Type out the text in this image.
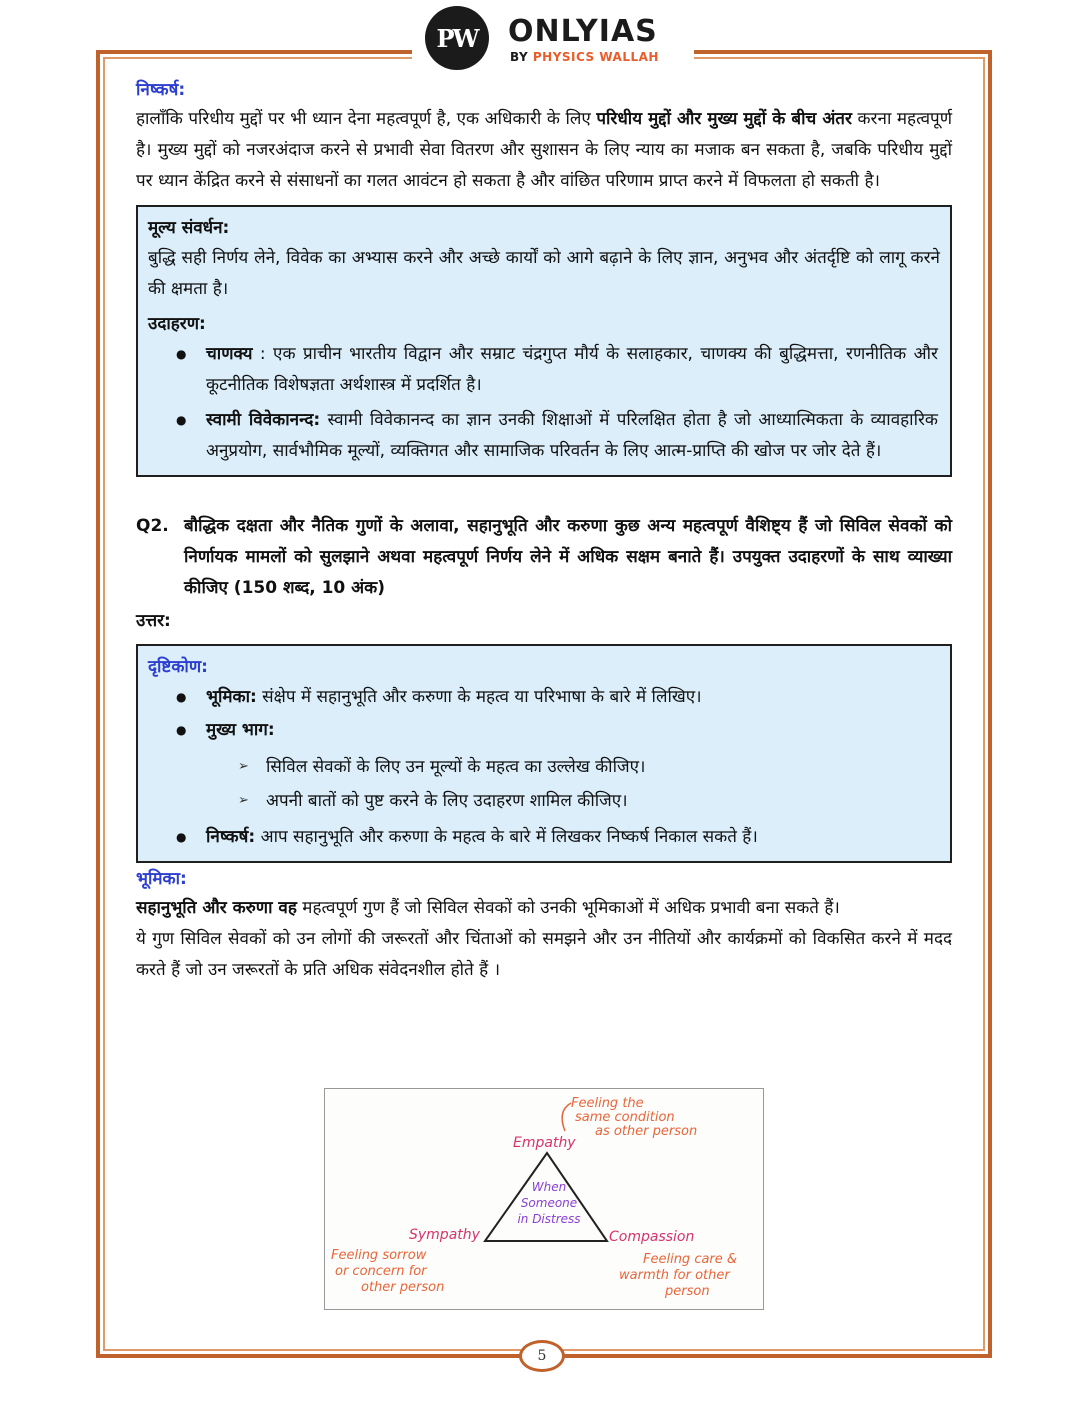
PW	ONLYIAS
BY PHYSICS WALLAH

निष्कर्ष:

हालाँकि परिधीय मुद्दों पर भी ध्यान देना महत्वपूर्ण है, एक अधिकारी के लिए परिधीय मुद्दों और मुख्य मुद्दों के बीच अंतर करना महत्वपूर्ण है। मुख्य मुद्दों को नजरअंदाज करने से प्रभावी सेवा वितरण और सुशासन के लिए न्याय का मजाक बन सकता है, जबकि परिधीय मुद्दों पर ध्यान केंद्रित करने से संसाधनों का गलत आवंटन हो सकता है और वांछित परिणाम प्राप्त करने में विफलता हो सकती है।

मूल्य संवर्धन:

बुद्धि सही निर्णय लेने, विवेक का अभ्यास करने और अच्छे कार्यों को आगे बढ़ाने के लिए ज्ञान, अनुभव और अंतर्दृष्टि को लागू करने की क्षमता है।

उदाहरण:

● चाणक्य : एक प्राचीन भारतीय विद्वान और सम्राट चंद्रगुप्त मौर्य के सलाहकार, चाणक्य की बुद्धिमत्ता, रणनीतिक और कूटनीतिक विशेषज्ञता अर्थशास्त्र में प्रदर्शित है।
● स्वामी विवेकानन्द: स्वामी विवेकानन्द का ज्ञान उनकी शिक्षाओं में परिलक्षित होता है जो आध्यात्मिकता के व्यावहारिक अनुप्रयोग, सार्वभौमिक मूल्यों, व्यक्तिगत और सामाजिक परिवर्तन के लिए आत्म-प्राप्ति की खोज पर जोर देते हैं।
Q2. बौद्धिक दक्षता और नैतिक गुणों के अलावा, सहानुभूति और करुणा कुछ अन्य महत्वपूर्ण वैशिष्ट्य हैं जो सिविल सेवकों को निर्णायक मामलों को सुलझाने अथवा महत्वपूर्ण निर्णय लेने में अधिक सक्षम बनाते हैं। उपयुक्त उदाहरणों के साथ व्याख्या कीजिए (150 शब्द, 10 अंक)

उत्तर:

दृष्टिकोण:

● भूमिका: संक्षेप में सहानुभूति और करुणा के महत्व या परिभाषा के बारे में लिखिए।
● मुख्य भाग:
➢ सिविल सेवकों के लिए उन मूल्यों के महत्व का उल्लेख कीजिए।
➢ अपनी बातों को पुष्ट करने के लिए उदाहरण शामिल कीजिए।
● निष्कर्ष: आप सहानुभूति और करुणा के महत्व के बारे में लिखकर निष्कर्ष निकाल सकते हैं।

भूमिका:

सहानुभूति और करुणा वह महत्वपूर्ण गुण हैं जो सिविल सेवकों को उनकी भूमिकाओं में अधिक प्रभावी बना सकते हैं।

ये गुण सिविल सेवकों को उन लोगों की जरूरतों और चिंताओं को समझने और उन नीतियों और कार्यक्रमों को विकसित करने में मदद करते हैं जो उन जरूरतों के प्रति अधिक संवेदनशील होते हैं ।

Feeling the
same condition
as other person
Empathy
When
Someone
in Distress
Sympathy
Feeling sorrow
or concern for
other person
Compassion
Feeling care &
warmth for other
person
5
